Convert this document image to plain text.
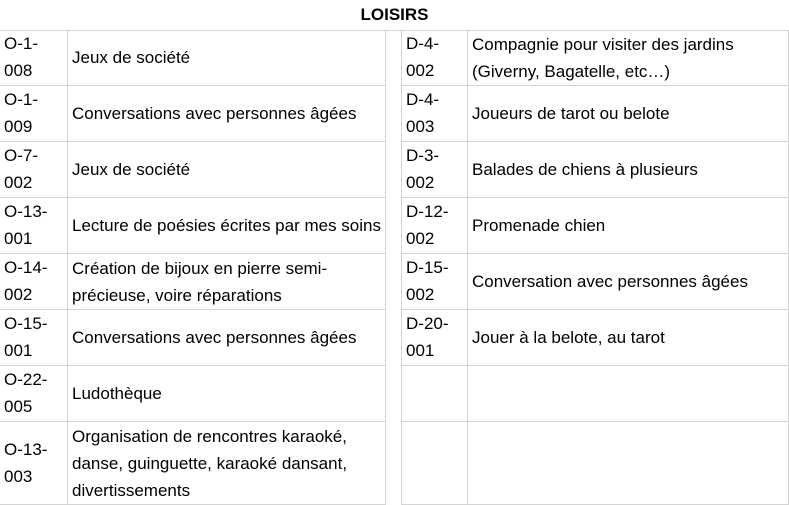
LOISIRS
O-1-008
Jeux de société
O-1-009
Conversations avec personnes âgées
O-7-002
Jeux de société
O-13-001
Lecture de poésies écrites par mes soins
O-14-002
Création de bijoux en pierre semi-précieuse, voire réparations
O-15-001
Conversations avec personnes âgées
O-22-005
Ludothèque
O-13-003
Organisation de rencontres karaoké, danse, guinguette, karaoké dansant, divertissements
D-4-002
Compagnie pour visiter des jardins (Giverny, Bagatelle, etc…)
D-4-003
Joueurs de tarot ou belote
D-3-002
Balades de chiens à plusieurs
D-12-002
Promenade chien
D-15-002
Conversation avec personnes âgées
D-20-001
Jouer à la belote, au tarot
